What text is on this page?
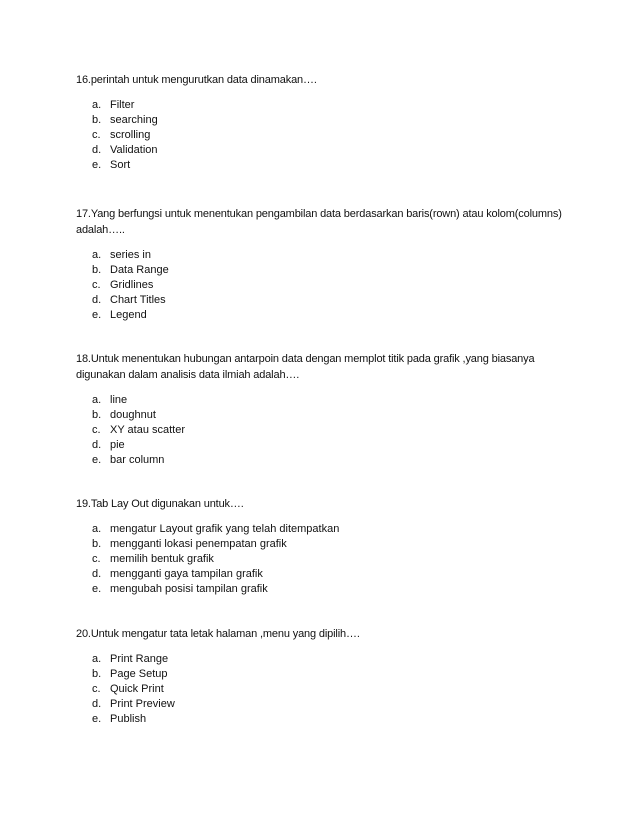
16.perintah untuk mengurutkan data dinamakan….

a. Filter
b. searching
c. scrolling
d. Validation
e. Sort

17.Yang berfungsi untuk menentukan pengambilan data berdasarkan baris(rown) atau kolom(columns) adalah…..

a. series in
b. Data Range
c. Gridlines
d. Chart Titles
e. Legend

18.Untuk menentukan hubungan antarpoin data dengan memplot titik pada grafik ,yang biasanya digunakan dalam analisis data ilmiah adalah….

a. line
b. doughnut
c. XY atau scatter
d. pie
e. bar column

19.Tab Lay Out digunakan untuk….

a. mengatur Layout grafik yang telah ditempatkan
b. mengganti lokasi penempatan grafik
c. memilih bentuk grafik
d. mengganti gaya tampilan grafik
e. mengubah posisi tampilan grafik

20.Untuk mengatur tata letak halaman ,menu yang dipilih….

a. Print Range
b. Page Setup
c. Quick Print
d. Print Preview
e. Publish
